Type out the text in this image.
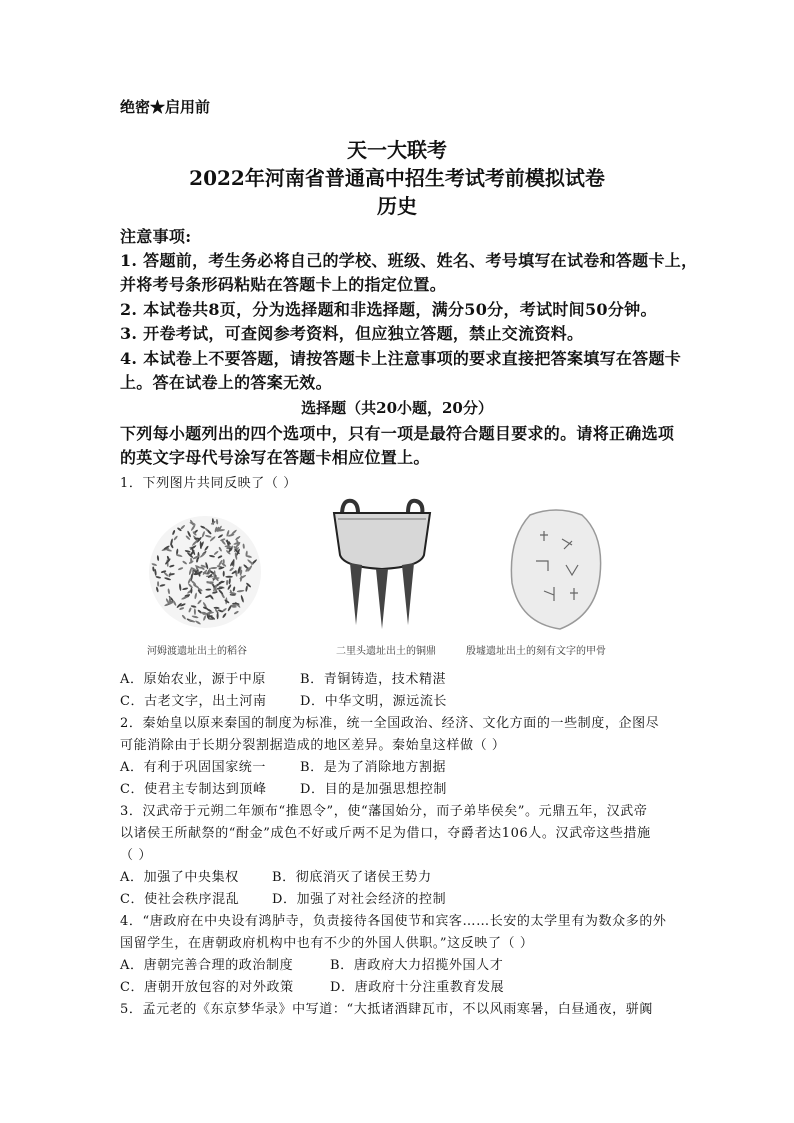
绝密★启用前
天一大联考
2022年河南省普通高中招生考试考前模拟试卷
历史
注意事项:
1. 答题前，考生务必将自己的学校、班级、姓名、考号填写在试卷和答题卡上，
并将考号条形码粘贴在答题卡上的指定位置。
2. 本试卷共8页，分为选择题和非选择题，满分50分，考试时间50分钟。
3. 开卷考试，可查阅参考资料，但应独立答题，禁止交流资料。
4. 本试卷上不要答题，请按答题卡上注意事项的要求直接把答案填写在答题卡
上。答在试卷上的答案无效。
选择题（共20小题，20分）
下列每小题列出的四个选项中，只有一项是最符合题目要求的。请将正确选项
的英文字母代号涂写在答题卡相应位置上。
1．下列图片共同反映了（ ）
河姆渡遗址出土的稻谷	二里头遗址出土的铜鼎	殷墟遗址出土的刻有文字的甲骨
A．原始农业，源于中原	B．青铜铸造，技术精湛
C．古老文字，出土河南	D．中华文明，源远流长
2．秦始皇以原来秦国的制度为标准，统一全国政治、经济、文化方面的一些制度，企图尽
可能消除由于长期分裂割据造成的地区差异。秦始皇这样做（ ）
A．有利于巩固国家统一	B．是为了消除地方割据
C．使君主专制达到顶峰	D．目的是加强思想控制
3．汉武帝于元朔二年颁布“推恩令”，使“藩国始分，而子弟毕侯矣”。元鼎五年，汉武帝
以诸侯王所献祭的“酎金”成色不好或斤两不足为借口，夺爵者达106人。汉武帝这些措施
（ ）
A．加强了中央集权	B．彻底消灭了诸侯王势力
C．使社会秩序混乱	D．加强了对社会经济的控制
4．“唐政府在中央设有鸿胪寺，负责接待各国使节和宾客……长安的太学里有为数众多的外
国留学生，在唐朝政府机构中也有不少的外国人供职。”这反映了（ ）
A．唐朝完善合理的政治制度	B．唐政府大力招揽外国人才
C．唐朝开放包容的对外政策	D．唐政府十分注重教育发展
5．孟元老的《东京梦华录》中写道：“大抵诸酒肆瓦市，不以风雨寒暑，白昼通夜，骈阗
